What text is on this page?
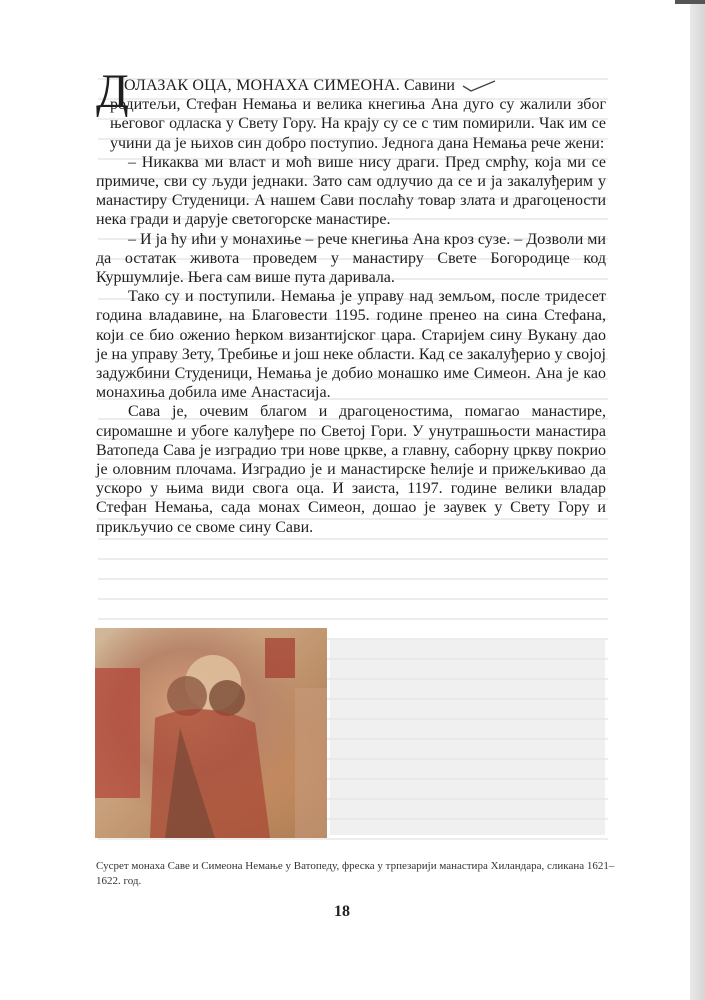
Д
ОЛАЗАК ОЦА, МОНАХА СИМЕОНА. Савини

родитељи, Стефан Немања и велика кнегиња Ана дуго су жалили због његовог одласка у Свету Гору. На крају су се с тим помирили. Чак им се учини да је њихов син добро поступио. Једнога дана Немања рече жени:

– Никаква ми власт и моћ више нису драги. Пред смрћу, која ми се примиче, сви су људи једнаки. Зато сам одлучио да се и ја закалуђерим у манастиру Студеници. А нашем Сави послаћу товар злата и драгоцености нека гради и дарује светогорске манастире.

– И ја ћу ићи у монахиње – рече кнегиња Ана кроз сузе. – Дозволи ми да остатак живота проведем у манастиру Свете Богородице код Куршумлије. Њега сам више пута даривала.

Тако су и поступили. Немања је управу над земљом, после тридесет година владавине, на Благовести 1195. године пренео на сина Стефана, који се био оженио ћерком византијског цара. Старијем сину Вукану дао је на управу Зету, Требиње и још неке области. Кад се закалуђерио у својој задужбини Студеници, Немања је добио монашко име Симеон. Ана је као монахиња добила име Анастасија.

Сава је, очевим благом и драгоценостима, помагао манастире, сиромашне и убоге калуђере по Светој Гори. У унутрашњости манастира Ватопеда Сава је изградио три нове цркве, а главну, саборну цркву покрио је оловним плочама. Изградио је и манастирске ћелије и прижељкивао да ускоро у њима види свога оца. И заиста, 1197. године велики владар Стефан Немања, сада монах Симеон, дошао је заувек у Свету Гору и прикључио се своме сину Сави.

Сусрет монаха Саве и Симеона Немање у Ватопеду, фреска у трпезарији манастира Хиландара, сликана 1621–1622. год.
18
